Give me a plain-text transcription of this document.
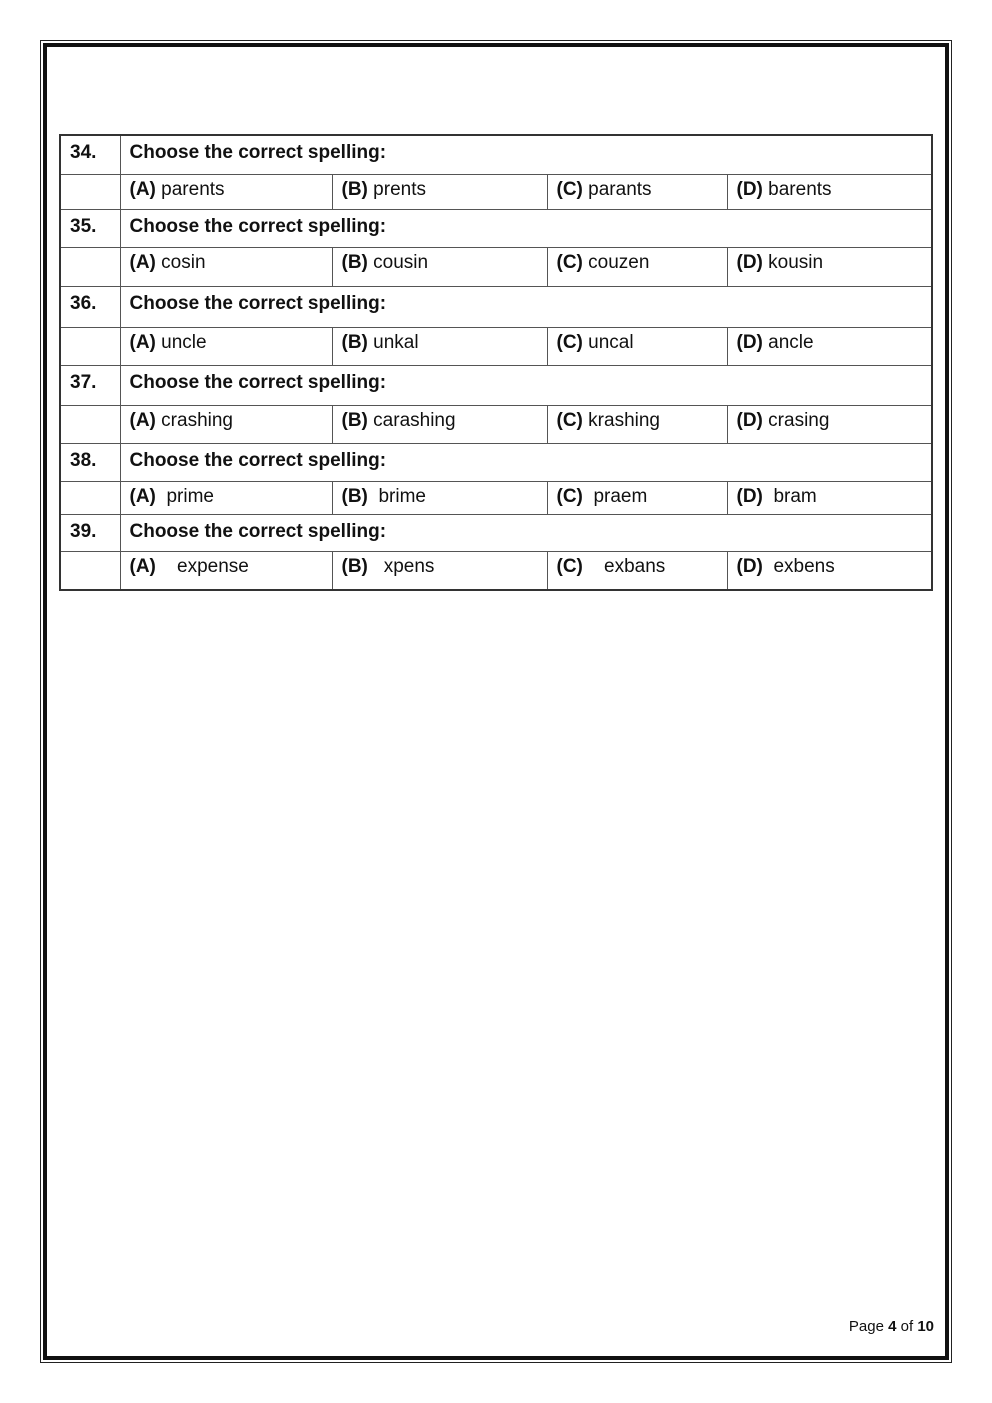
34.	Choose the correct spelling:			
	(A) parents	(B) prents	(C) parants	(D) barents
35.	Choose the correct spelling:			
	(A) cosin	(B) cousin	(C) couzen	(D) kousin
36.	Choose the correct spelling:			
	(A) uncle	(B) unkal	(C) uncal	(D) ancle
37.	Choose the correct spelling:			
	(A) crashing	(B) carashing	(C) krashing	(D) crasing
38.	Choose the correct spelling:			
	(A) prime	(B) brime	(C) praem	(D) bram
39.	Choose the correct spelling:			
	(A) expense	(B) xpens	(C) exbans	(D) exbens
Page 4 of 10
